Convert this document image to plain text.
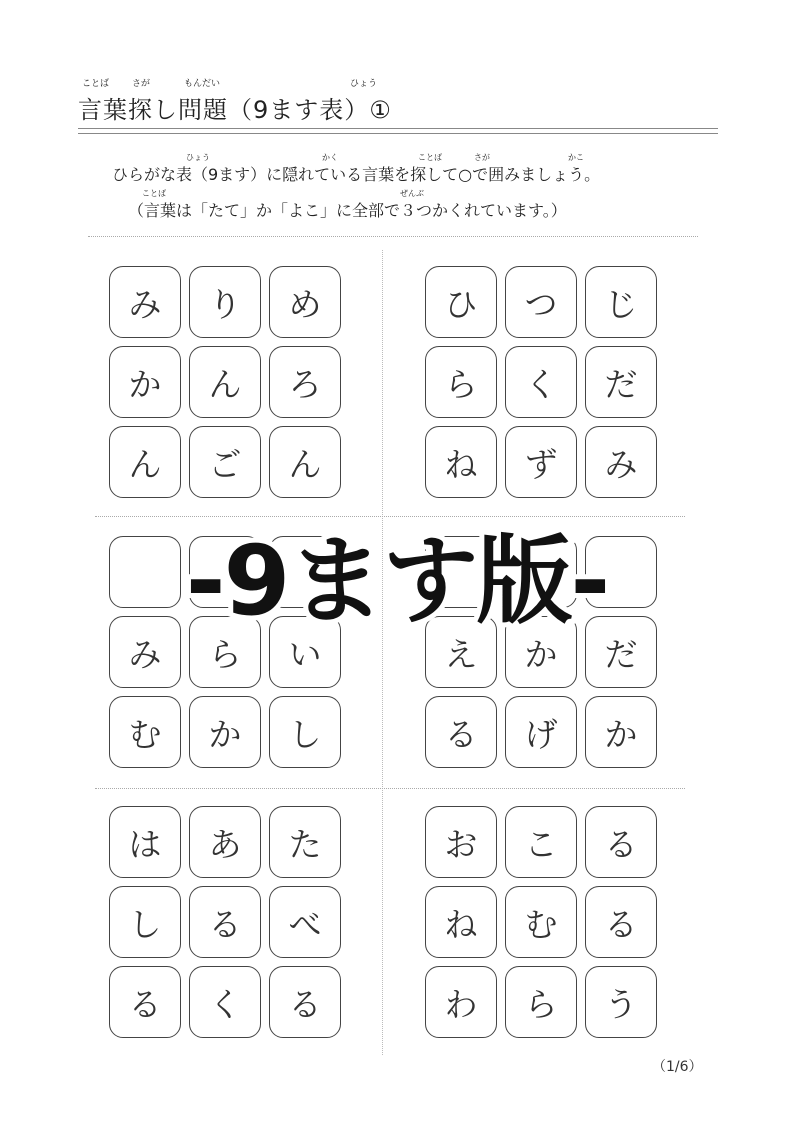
ことば	さが	もんだい	ひょう
言葉探し問題（9ます表）①
ひょう	かく	ことば	さが	かこ
ひらがな表（9ます）に隠れている言葉を探して○で囲みましょう。
ことば	ぜんぶ
（言葉は「たて」か「よこ」に全部で３つかくれています。）
み	り	め
か	ん	ろ
ん	ご	ん
ひ	つ	じ
ら	く	だ
ね	ず	み
み	ら	い
む	か	し
え	か	だ
る	げ	か
は	あ	た
し	る	べ
る	く	る
お	こ	る
ね	む	る
わ	ら	う
-9ます版-
（1/6）
